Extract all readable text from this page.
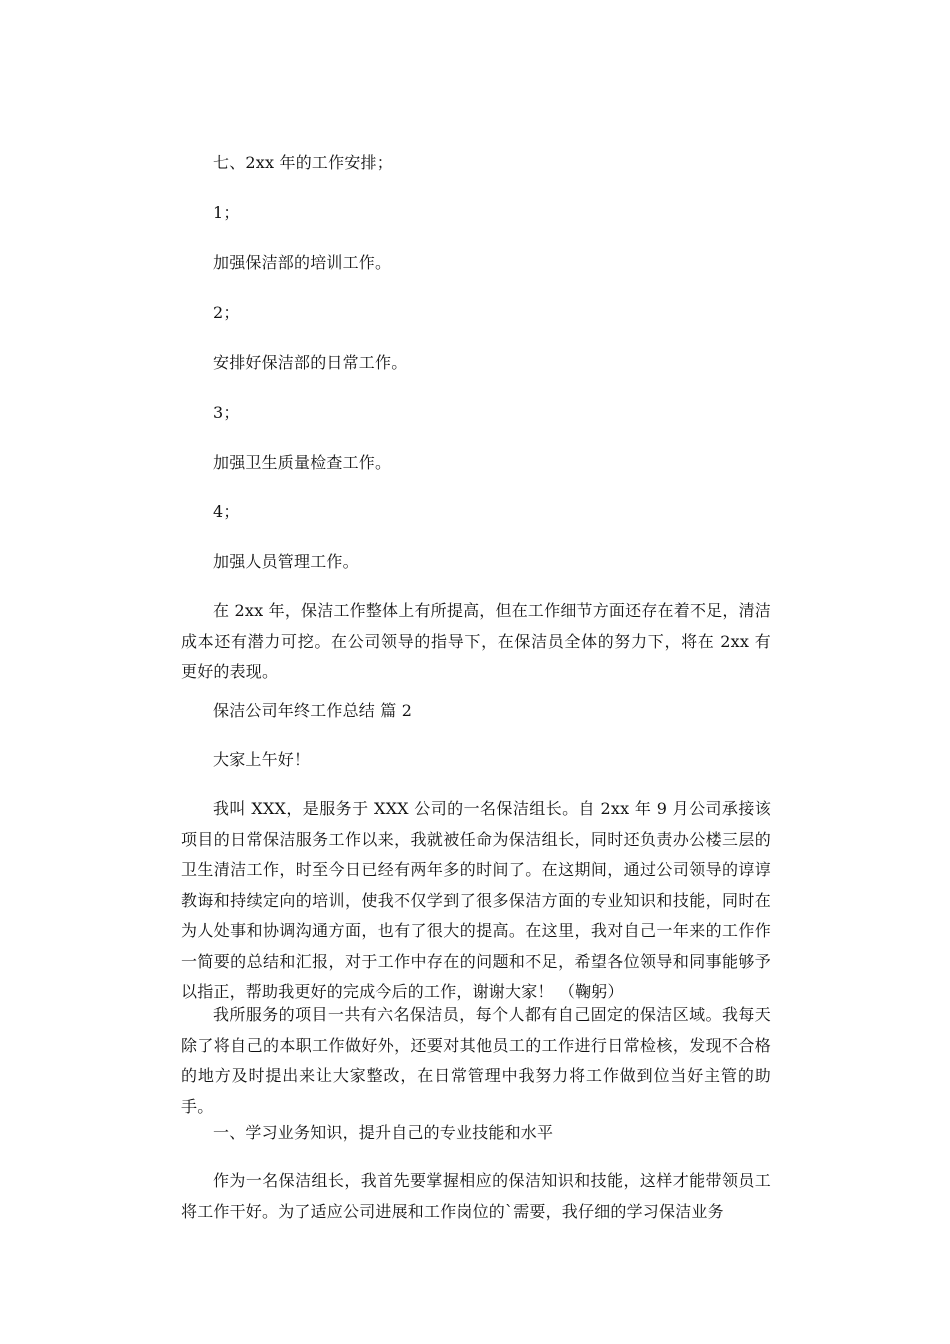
七、2xx 年的工作安排；
1；
加强保洁部的培训工作。
2；
安排好保洁部的日常工作。
3；
加强卫生质量检查工作。
4；
加强人员管理工作。
在 2xx 年，保洁工作整体上有所提高，但在工作细节方面还存在着不足，清洁成本还有潜力可挖。在公司领导的指导下，在保洁员全体的努力下，将在 2xx 有更好的表现。
保洁公司年终工作总结 篇 2
大家上午好！
我叫 XXX，是服务于 XXX 公司的一名保洁组长。自 2xx 年 9 月公司承接该项目的日常保洁服务工作以来，我就被任命为保洁组长，同时还负责办公楼三层的卫生清洁工作，时至今日已经有两年多的时间了。在这期间，通过公司领导的谆谆教诲和持续定向的培训，使我不仅学到了很多保洁方面的专业知识和技能，同时在为人处事和协调沟通方面，也有了很大的提高。在这里，我对自己一年来的工作作一简要的总结和汇报，对于工作中存在的问题和不足，希望各位领导和同事能够予以指正，帮助我更好的完成今后的工作，谢谢大家！ （鞠躬）
我所服务的项目一共有六名保洁员，每个人都有自己固定的保洁区域。我每天除了将自己的本职工作做好外，还要对其他员工的工作进行日常检核，发现不合格的地方及时提出来让大家整改，在日常管理中我努力将工作做到位当好主管的助手。
一、学习业务知识，提升自己的专业技能和水平
作为一名保洁组长，我首先要掌握相应的保洁知识和技能，这样才能带领员工将工作干好。为了适应公司进展和工作岗位的`需要，我仔细的学习保洁业务
